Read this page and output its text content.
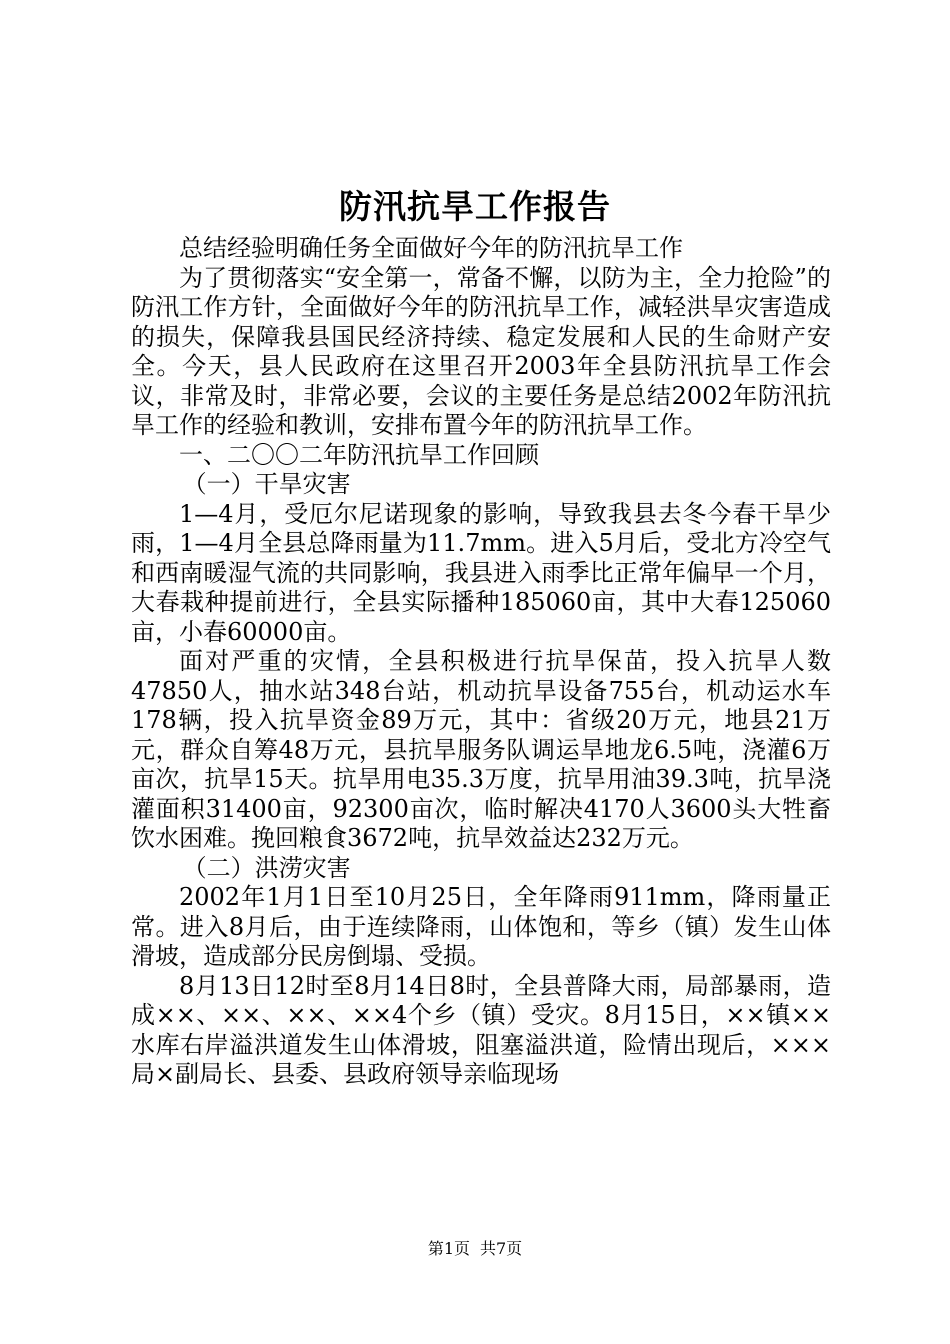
防汛抗旱工作报告

总结经验明确任务全面做好今年的防汛抗旱工作

为了贯彻落实“安全第一，常备不懈，以防为主，全力抢险”的防汛工作方针，全面做好今年的防汛抗旱工作，减轻洪旱灾害造成的损失，保障我县国民经济持续、稳定发展和人民的生命财产安全。今天，县人民政府在这里召开2003年全县防汛抗旱工作会议，非常及时，非常必要，会议的主要任务是总结2002年防汛抗旱工作的经验和教训，安排布置今年的防汛抗旱工作。

一、二〇〇二年防汛抗旱工作回顾

（一）干旱灾害

1—4月，受厄尔尼诺现象的影响，导致我县去冬今春干旱少雨，1—4月全县总降雨量为11.7mm。进入5月后，受北方冷空气和西南暖湿气流的共同影响，我县进入雨季比正常年偏早一个月，大春栽种提前进行，全县实际播种185060亩，其中大春125060亩，小春60000亩。

面对严重的灾情，全县积极进行抗旱保苗，投入抗旱人数47850人，抽水站348台站，机动抗旱设备755台，机动运水车178辆，投入抗旱资金89万元，其中：省级20万元，地县21万元，群众自筹48万元，县抗旱服务队调运旱地龙6.5吨，浇灌6万亩次，抗旱15天。抗旱用电35.3万度，抗旱用油39.3吨，抗旱浇灌面积31400亩，92300亩次，临时解决4170人3600头大牲畜饮水困难。挽回粮食3672吨，抗旱效益达232万元。

（二）洪涝灾害

2002年1月1日至10月25日，全年降雨911mm，降雨量正常。进入8月后，由于连续降雨，山体饱和，等乡（镇）发生山体滑坡，造成部分民房倒塌、受损。

8月13日12时至8月14日8时，全县普降大雨，局部暴雨，造成××、××、××、××4个乡（镇）受灾。8月15日，××镇××水库右岸溢洪道发生山体滑坡，阻塞溢洪道，险情出现后，×××局×副局长、县委、县政府领导亲临现场

第1页 共7页
